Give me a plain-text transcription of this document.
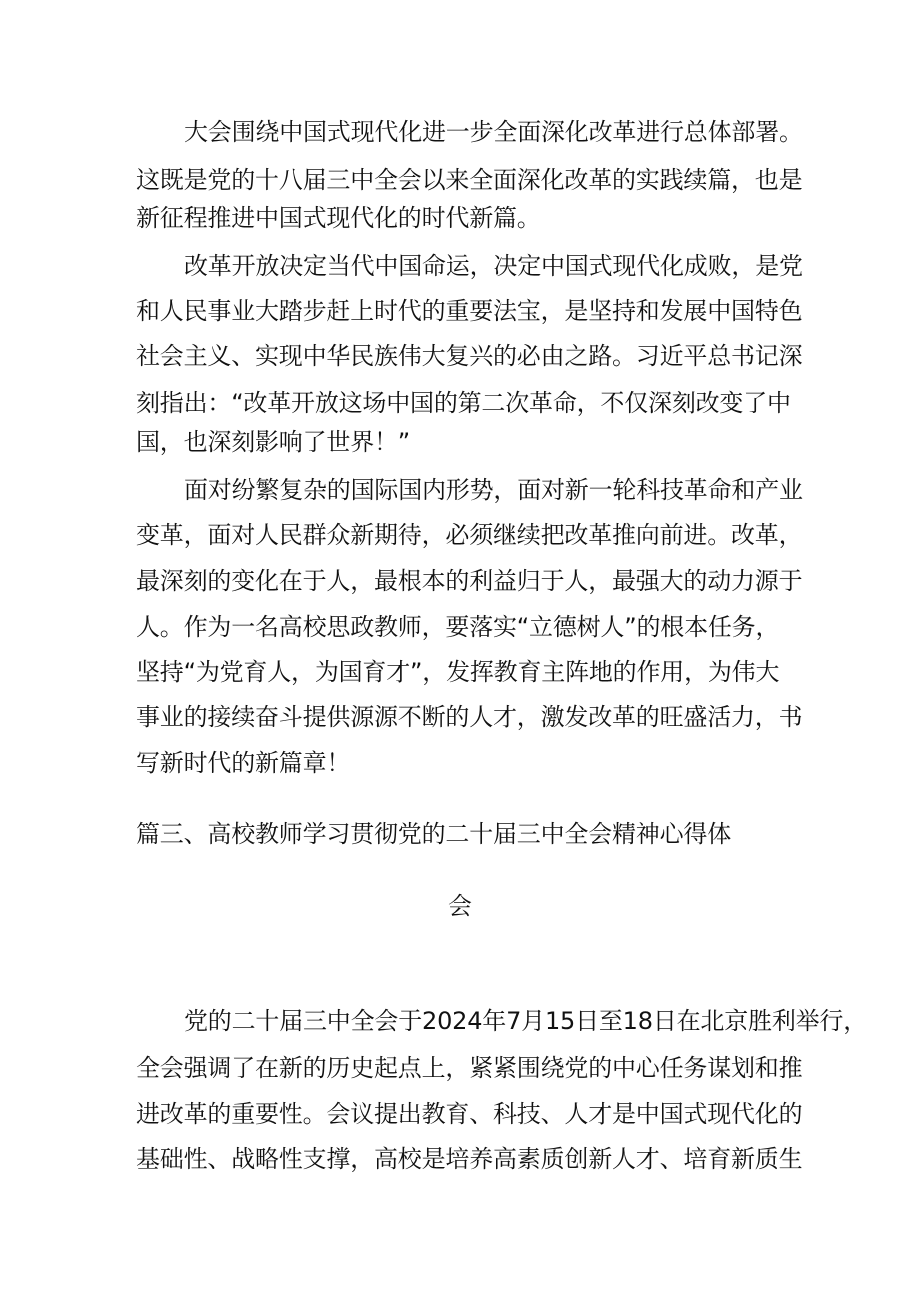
大会围绕中国式现代化进一步全面深化改革进行总体部署。
这既是党的十八届三中全会以来全面深化改革的实践续篇，也是
新征程推进中国式现代化的时代新篇。
改革开放决定当代中国命运，决定中国式现代化成败，是党
和人民事业大踏步赶上时代的重要法宝，是坚持和发展中国特色
社会主义、实现中华民族伟大复兴的必由之路。习近平总书记深
刻指出：“改革开放这场中国的第二次革命，不仅深刻改变了中
国，也深刻影响了世界！”
面对纷繁复杂的国际国内形势，面对新一轮科技革命和产业
变革，面对人民群众新期待，必须继续把改革推向前进。改革，
最深刻的变化在于人，最根本的利益归于人，最强大的动力源于
人。作为一名高校思政教师，要落实“立德树人”的根本任务，
坚持“为党育人，为国育才”，发挥教育主阵地的作用，为伟大
事业的接续奋斗提供源源不断的人才，激发改革的旺盛活力，书
写新时代的新篇章！
篇三、高校教师学习贯彻党的二十届三中全会精神心得体
会
党的二十届三中全会于2024年7月15日至18日在北京胜利举行，
全会强调了在新的历史起点上，紧紧围绕党的中心任务谋划和推
进改革的重要性。会议提出教育、科技、人才是中国式现代化的
基础性、战略性支撑，高校是培养高素质创新人才、培育新质生
